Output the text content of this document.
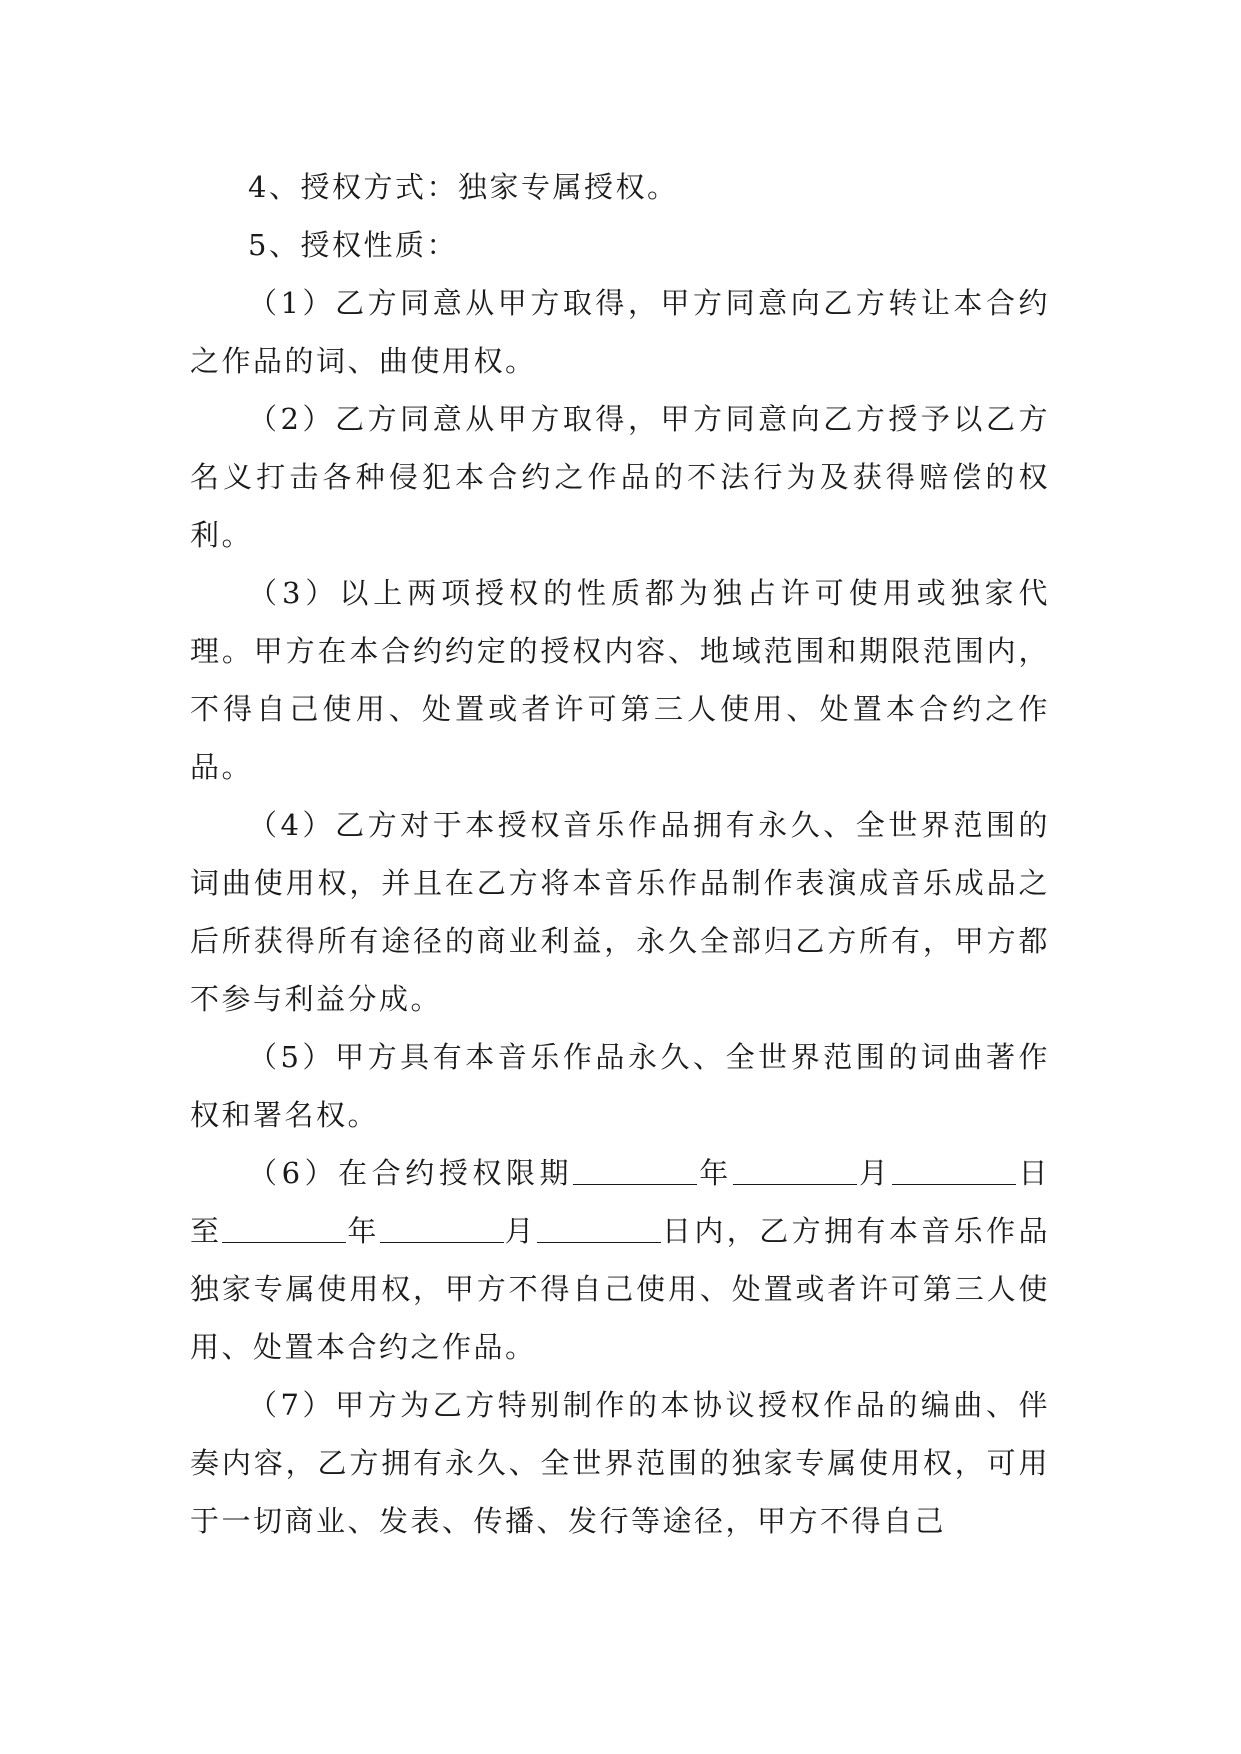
4、授权方式：独家专属授权。

5、授权性质：

（1）乙方同意从甲方取得，甲方同意向乙方转让本合约之作品的词、曲使用权。

（2）乙方同意从甲方取得，甲方同意向乙方授予以乙方名义打击各种侵犯本合约之作品的不法行为及获得赔偿的权利。

（3）以上两项授权的性质都为独占许可使用或独家代理。甲方在本合约约定的授权内容、地域范围和期限范围内，不得自己使用、处置或者许可第三人使用、处置本合约之作品。

（4）乙方对于本授权音乐作品拥有永久、全世界范围的词曲使用权，并且在乙方将本音乐作品制作表演成音乐成品之后所获得所有途径的商业利益，永久全部归乙方所有，甲方都不参与利益分成。

（5）甲方具有本音乐作品永久、全世界范围的词曲著作权和署名权。

（6）在合约授权限期	年	月	日至	年	月	日内，乙方拥有本音乐作品独家专属使用权，甲方不得自己使用、处置或者许可第三人使用、处置本合约之作品。

（7）甲方为乙方特别制作的本协议授权作品的编曲、伴奏内容，乙方拥有永久、全世界范围的独家专属使用权，可用于一切商业、发表、传播、发行等途径，甲方不得自己
